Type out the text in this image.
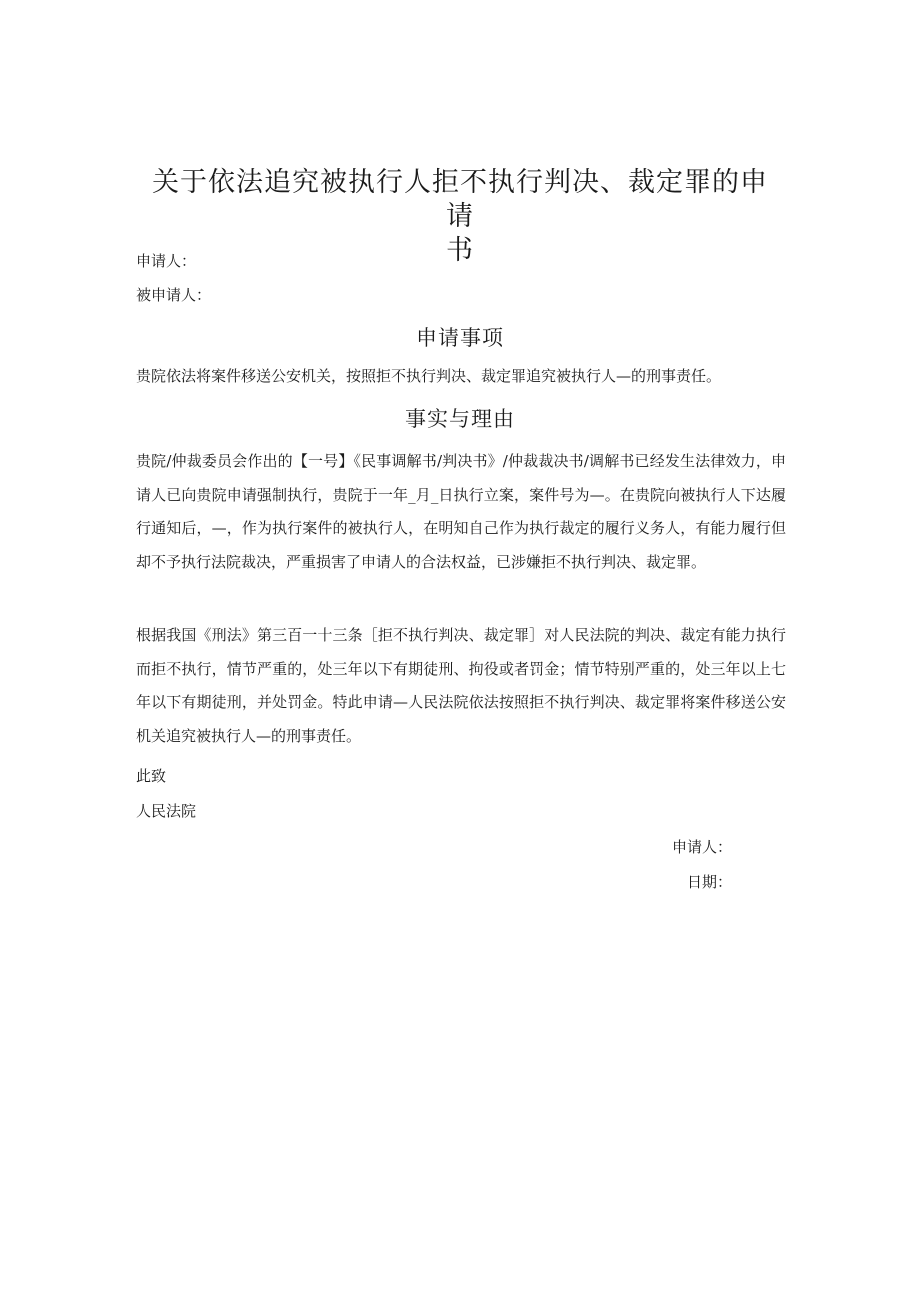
关于依法追究被执行人拒不执行判决、裁定罪的申请
书

申请人：

被申请人：

申请事项

贵院依法将案件移送公安机关，按照拒不执行判决、裁定罪追究被执行人—的刑事责任。

事实与理由

贵院/仲裁委员会作出的【一号】《民事调解书/判决书》/仲裁裁决书/调解书已经发生法律效力，申请人已向贵院申请强制执行，贵院于一年_月_日执行立案，案件号为—。在贵院向被执行人下达履行通知后，—，作为执行案件的被执行人，在明知自己作为执行裁定的履行义务人，有能力履行但却不予执行法院裁决，严重损害了申请人的合法权益，已涉嫌拒不执行判决、裁定罪。

根据我国《刑法》第三百一十三条［拒不执行判决、裁定罪］对人民法院的判决、裁定有能力执行而拒不执行，情节严重的，处三年以下有期徒刑、拘役或者罚金；情节特别严重的，处三年以上七年以下有期徒刑，并处罚金。特此申请—人民法院依法按照拒不执行判决、裁定罪将案件移送公安机关追究被执行人—的刑事责任。

此致

人民法院

申请人：

日期：
